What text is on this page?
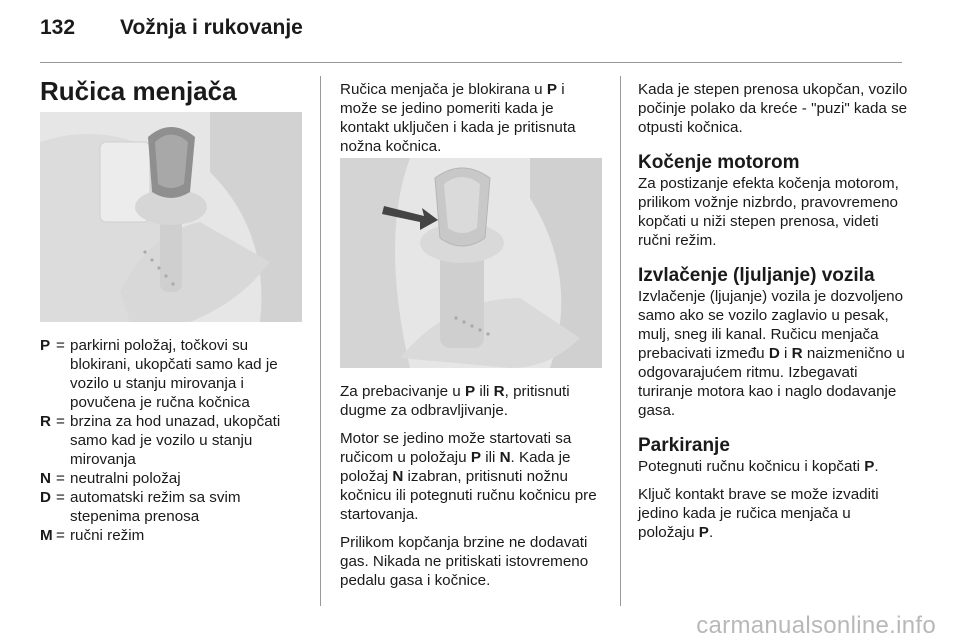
132 Vožnja i rukovanje
Ručica menjača
P = parkirni položaj, točkovi su blokirani, ukopčati samo kad je vozilo u stanju mirovanja i povučena je ručna kočnica
R = brzina za hod unazad, ukopčati samo kad je vozilo u stanju mirovanja
N = neutralni položaj
D = automatski režim sa svim stepenima prenosa
M = ručni režim

Ručica menjača je blokirana u P i može se jedino pomeriti kada je kontakt uključen i kada je pritisnuta nožna kočnica.

Za prebacivanje u P ili R, pritisnuti dugme za odbravljivanje.

Motor se jedino može startovati sa ručicom u položaju P ili N. Kada je položaj N izabran, pritisnuti nožnu kočnicu ili potegnuti ručnu kočnicu pre startovanja.

Prilikom kopčanja brzine ne dodavati gas. Nikada ne pritiskati istovremeno pedalu gasa i kočnice.

Kada je stepen prenosa ukopčan, vozilo počinje polako da kreće - "puzi" kada se otpusti kočnica.

Kočenje motorom

Za postizanje efekta kočenja motorom, prilikom vožnje nizbrdo, pravovremeno kopčati u niži stepen prenosa, videti ručni režim.

Izvlačenje (ljuljanje) vozila

Izvlačenje (ljujanje) vozila je dozvoljeno samo ako se vozilo zaglavio u pesak, mulj, sneg ili kanal. Ručicu menjača prebacivati između D i R naizmenično u odgovarajućem ritmu. Izbegavati turiranje motora kao i naglo dodavanje gasa.

Parkiranje

Potegnuti ručnu kočnicu i kopčati P.

Ključ kontakt brave se može izvaditi jedino kada je ručica menjača u položaju P.

carmanualsonline.info
